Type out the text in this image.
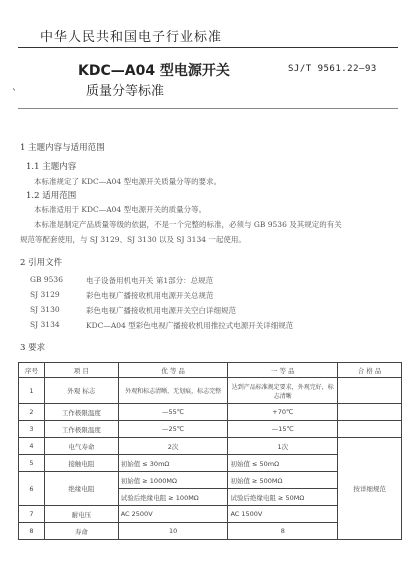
中华人民共和国电子行业标准
KDC—A04 型电源开关
`	质量分等标准
SJ/T 9561.22—93
1 主题内容与适用范围
1.1 主题内容
本标准规定了 KDC—A04 型电源开关质量分等的要求。
1.2 适用范围
本标准适用于 KDC—A04 型电源开关的质量分等。
本标准是制定产品质量等级的依据，不是一个完整的标准，必须与 GB 9536 及其规定的有关
规范等配套使用，与 SJ 3129、SJ 3130 以及 SJ 3134 一起使用。
2 引用文件
GB 9536	电子设备用机电开关 第1部分：总规范
SJ 3129	彩色电视广播接收机用电源开关总规范
SJ 3130	彩色电视广播接收机用电源开关空白详细规范
SJ 3134	KDC—A04 型彩色电视广播接收机用推拉式电源开关详细规范
3 要求
序号	项 目	优 等 品	一 等 品	合 格 品
1	外观 标志	外观和标志清晰，无划痕，标志完整	达到产品标准规定要求，外观完好，标志清晰	
2	工作极限温度	—55℃	+70℃	
3	工作极限温度	—25℃	—15℃	
4	电气寿命	2次	1次	按详细规范
5	接触电阻	初始值 ≤ 30mΩ	初始值 ≤ 50mΩ	
6	绝缘电阻	初始值 ≥ 1000MΩ	初始值 ≥ 500MΩ	
		试验后绝缘电阻 ≥ 100MΩ	试验后绝缘电阻 ≥ 50MΩ	
7	耐电压	AC 2500V	AC 1500V	
8	寿命	10	8	
